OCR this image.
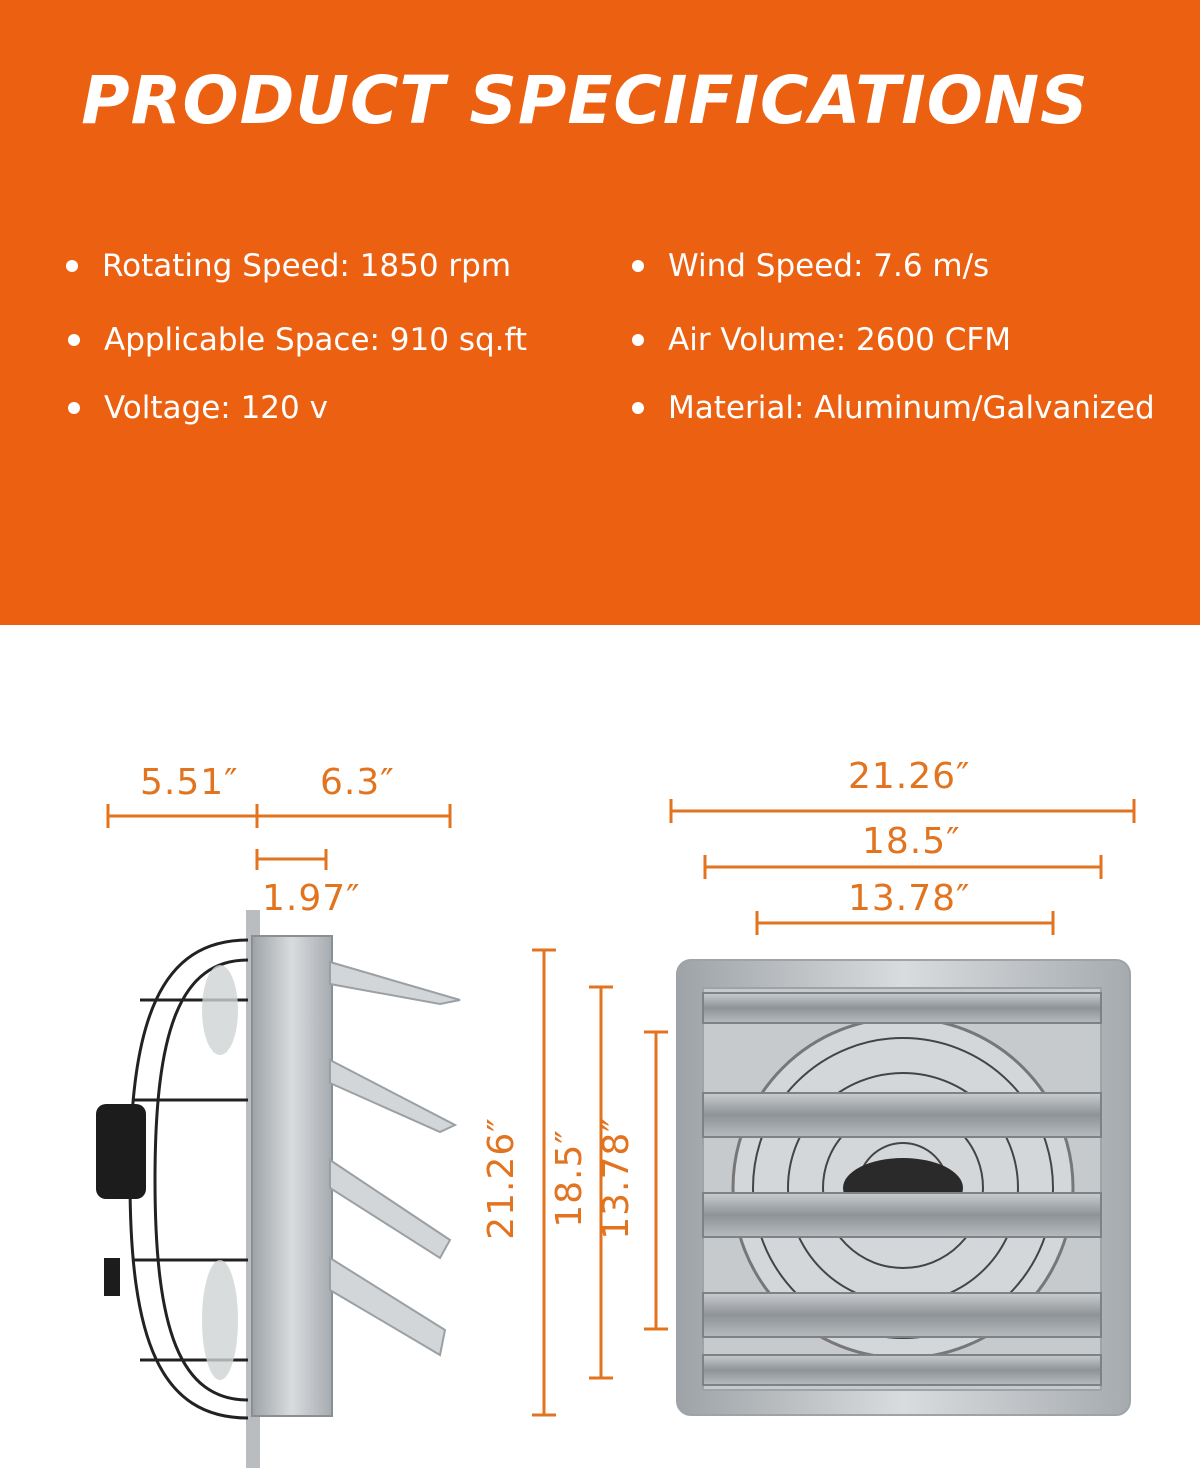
PRODUCT SPECIFICATIONS
Rotating Speed: 1850 rpm	Wind Speed: 7.6 m/s
Applicable Space: 910 sq.ft	Air Volume: 2600 CFM
Voltage: 120 v	Material: Aluminum/Galvanized
5.51″ 6.3″
1.97″
21.26″
18.5″
13.78″
21.26″ 18.5″ 13.78″
